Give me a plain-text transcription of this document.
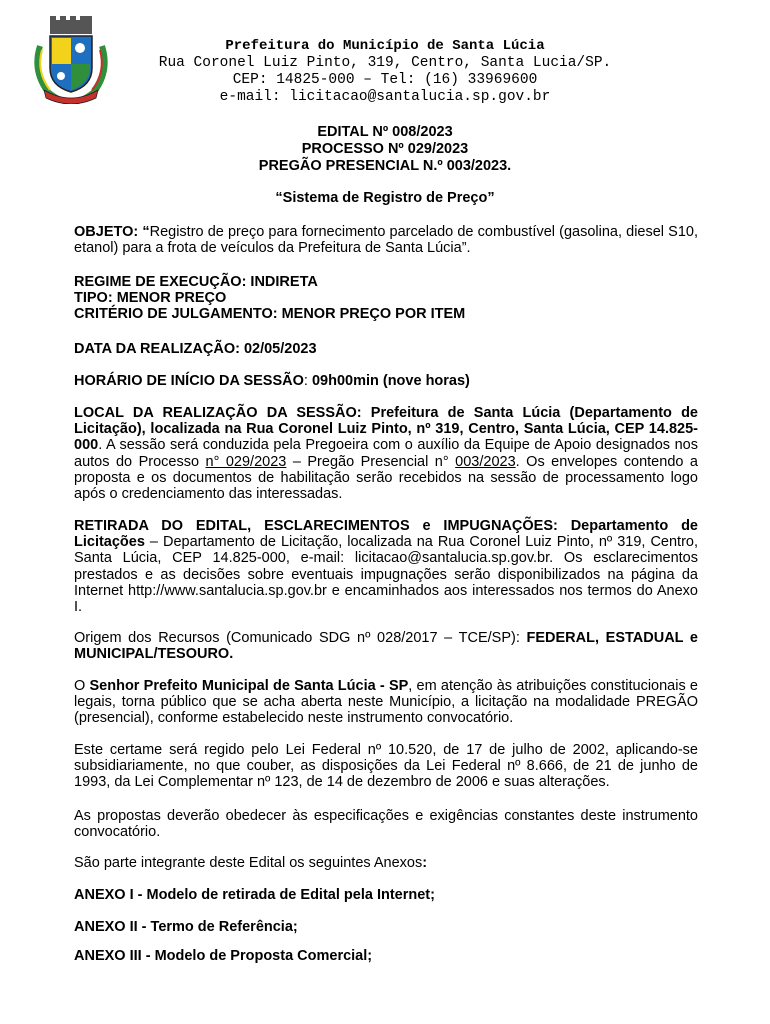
Prefeitura do Município de Santa Lúcia
Rua Coronel Luiz Pinto, 319, Centro, Santa Lucia/SP.
CEP: 14825-000 – Tel: (16) 33969600
e-mail: licitacao@santalucia.sp.gov.br
EDITAL Nº 008/2023
PROCESSO Nº 029/2023
PREGÃO PRESENCIAL N.º 003/2023.
“Sistema de Registro de Preço”
OBJETO: “Registro de preço para fornecimento parcelado de combustível (gasolina, diesel S10, etanol) para a frota de veículos da Prefeitura de Santa Lúcia”.
REGIME DE EXECUÇÃO: INDIRETA
TIPO: MENOR PREÇO
CRITÉRIO DE JULGAMENTO: MENOR PREÇO POR ITEM
DATA DA REALIZAÇÃO: 02/05/2023
HORÁRIO DE INÍCIO DA SESSÃO: 09h00min (nove horas)
LOCAL DA REALIZAÇÃO DA SESSÃO: Prefeitura de Santa Lúcia (Departamento de Licitação), localizada na Rua Coronel Luiz Pinto, nº 319, Centro, Santa Lúcia, CEP 14.825-000. A sessão será conduzida pela Pregoeira com o auxílio da Equipe de Apoio designados nos autos do Processo n° 029/2023 – Pregão Presencial n° 003/2023. Os envelopes contendo a proposta e os documentos de habilitação serão recebidos na sessão de processamento logo após o credenciamento das interessadas.
RETIRADA DO EDITAL, ESCLARECIMENTOS e IMPUGNAÇÕES: Departamento de Licitações – Departamento de Licitação, localizada na Rua Coronel Luiz Pinto, nº 319, Centro, Santa Lúcia, CEP 14.825-000, e-mail: licitacao@santalucia.sp.gov.br. Os esclarecimentos prestados e as decisões sobre eventuais impugnações serão disponibilizados na página da Internet http://www.santalucia.sp.gov.br e encaminhados aos interessados nos termos do Anexo I.
Origem dos Recursos (Comunicado SDG nº 028/2017 – TCE/SP): FEDERAL, ESTADUAL e MUNICIPAL/TESOURO.
O Senhor Prefeito Municipal de Santa Lúcia - SP, em atenção às atribuições constitucionais e legais, torna público que se acha aberta neste Município, a licitação na modalidade PREGÃO (presencial), conforme estabelecido neste instrumento convocatório.
Este certame será regido pelo Lei Federal nº 10.520, de 17 de julho de 2002, aplicando-se subsidiariamente, no que couber, as disposições da Lei Federal nº 8.666, de 21 de junho de 1993, da Lei Complementar nº 123, de 14 de dezembro de 2006 e suas alterações.
As propostas deverão obedecer às especificações e exigências constantes deste instrumento convocatório.
São parte integrante deste Edital os seguintes Anexos:
ANEXO I - Modelo de retirada de Edital pela Internet;
ANEXO II - Termo de Referência;
ANEXO III - Modelo de Proposta Comercial;
